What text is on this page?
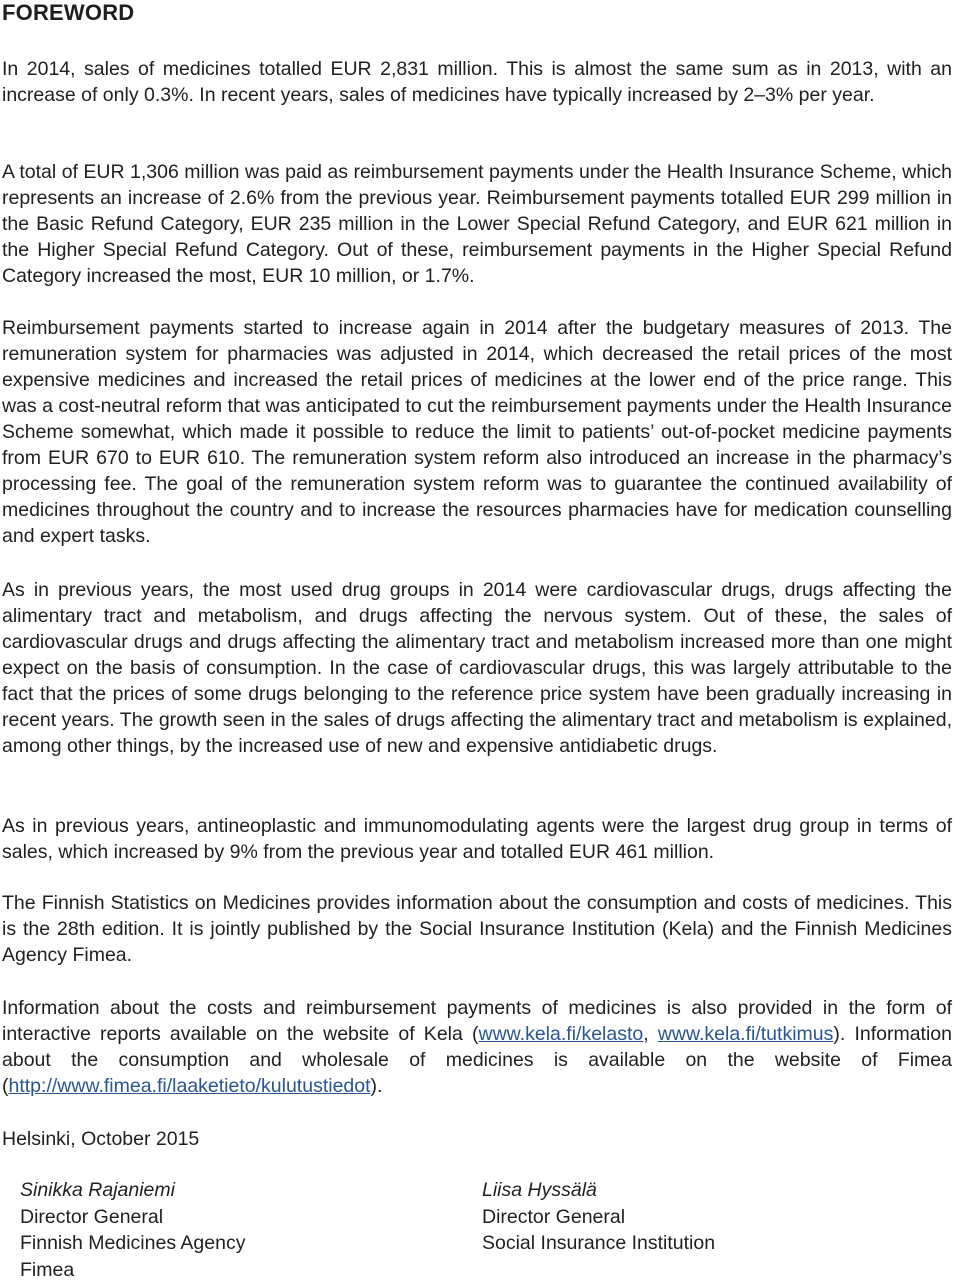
FOREWORD

In 2014, sales of medicines totalled EUR 2,831 million. This is almost the same sum as in 2013, with an increase of only 0.3%. In recent years, sales of medicines have typically increased by 2–3% per year.

A total of EUR 1,306 million was paid as reimbursement payments under the Health Insurance Scheme, which represents an increase of 2.6% from the previous year. Reimbursement payments totalled EUR 299 million in the Basic Refund Category, EUR 235 million in the Lower Special Refund Category, and EUR 621 million in the Higher Special Refund Category. Out of these, reimbursement payments in the Higher Special Refund Category increased the most, EUR 10 million, or 1.7%.

Reimbursement payments started to increase again in 2014 after the budgetary measures of 2013. The remuneration system for pharmacies was adjusted in 2014, which decreased the retail prices of the most expensive medicines and increased the retail prices of medicines at the lower end of the price range. This was a cost-neutral reform that was anticipated to cut the reimbursement payments under the Health Insurance Scheme somewhat, which made it possible to reduce the limit to patients’ out-of-pocket medicine payments from EUR 670 to EUR 610. The remuneration system reform also introduced an increase in the pharmacy’s processing fee. The goal of the remuneration system reform was to guarantee the continued availability of medicines throughout the country and to increase the resources pharmacies have for medication counselling and expert tasks.

As in previous years, the most used drug groups in 2014 were cardiovascular drugs, drugs affecting the alimentary tract and metabolism, and drugs affecting the nervous system. Out of these, the sales of cardiovascular drugs and drugs affecting the alimentary tract and metabolism increased more than one might expect on the basis of consumption. In the case of cardiovascular drugs, this was largely attributable to the fact that the prices of some drugs belonging to the reference price system have been gradually increasing in recent years. The growth seen in the sales of drugs affecting the alimentary tract and metabolism is explained, among other things, by the increased use of new and expensive antidiabetic drugs.

As in previous years, antineoplastic and immunomodulating agents were the largest drug group in terms of sales, which increased by 9% from the previous year and totalled EUR 461 million.

The Finnish Statistics on Medicines provides information about the consumption and costs of medicines. This is the 28th edition. It is jointly published by the Social Insurance Institution (Kela) and the Finnish Medicines Agency Fimea.

Information about the costs and reimbursement payments of medicines is also provided in the form of interactive reports available on the website of Kela (www.kela.fi/kelasto, www.kela.fi/tutkimus). Information about the consumption and wholesale of medicines is available on the website of Fimea (http://www.fimea.fi/laaketieto/kulutustiedot).

Helsinki, October 2015

Sinikka Rajaniemi
Director General
Finnish Medicines Agency
Fimea
Liisa Hyssälä
Director General
Social Insurance Institution
